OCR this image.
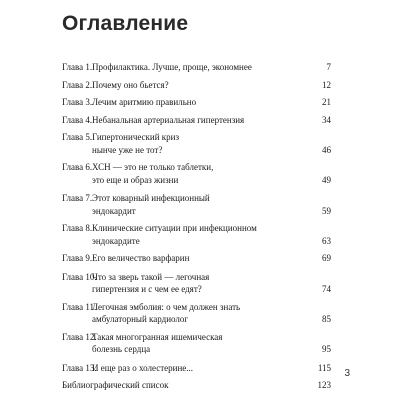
Оглавление
Глава 1. Профилактика. Лучше, проще, экономнее	7
Глава 2. Почему оно бьется?	12
Глава 3. Лечим аритмию правильно	21
Глава 4. Небанальная артериальная гипертензия	34
Глава 5. Гипертонический криз
нынче уже не тот?	46
Глава 6. ХСН — это не только таблетки,
это еще и образ жизни	49
Глава 7. Этот коварный инфекционный
эндокардит	59
Глава 8. Клинические ситуации при инфекционном
эндокардите	63
Глава 9. Его величество варфарин	69
Глава 10.
Что за зверь такой — легочная
гипертензия и с чем ее едят?	74
Глава 11.
Легочная эмболия: о чем должен знать
амбулаторный кардиолог	85
Глава 12.
Такая многогранная ишемическая
болезнь сердца	95
Глава 13.
И еще раз о холестерине...	115
Библиографический список	123
3
